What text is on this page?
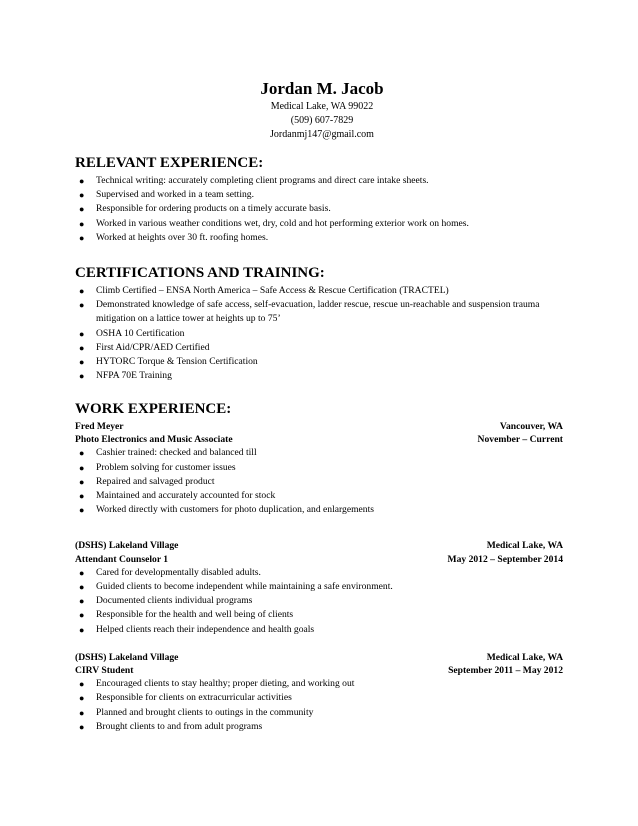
Jordan M. Jacob
Medical Lake, WA 99022
(509) 607-7829
Jordanmj147@gmail.com
RELEVANT EXPERIENCE:
● Technical writing: accurately completing client programs and direct care intake sheets.
● Supervised and worked in a team setting.
● Responsible for ordering products on a timely accurate basis.
● Worked in various weather conditions wet, dry, cold and hot performing exterior work on homes.
● Worked at heights over 30 ft. roofing homes.
CERTIFICATIONS AND TRAINING:
● Climb Certified – ENSA North America – Safe Access & Rescue Certification (TRACTEL)
● Demonstrated knowledge of safe access, self-evacuation, ladder rescue, rescue un-reachable and suspension trauma mitigation on a lattice tower at heights up to 75’
● OSHA 10 Certification
● First Aid/CPR/AED Certified
● HYTORC Torque & Tension Certification
● NFPA 70E Training
WORK EXPERIENCE:
Fred Meyer	Vancouver, WA
Photo Electronics and Music Associate	November – Current
● Cashier trained: checked and balanced till
● Problem solving for customer issues
● Repaired and salvaged product
● Maintained and accurately accounted for stock
● Worked directly with customers for photo duplication, and enlargements
(DSHS) Lakeland Village	Medical Lake, WA
Attendant Counselor 1	May 2012 – September 2014
● Cared for developmentally disabled adults.
● Guided clients to become independent while maintaining a safe environment.
● Documented clients individual programs
● Responsible for the health and well being of clients
● Helped clients reach their independence and health goals
(DSHS) Lakeland Village	Medical Lake, WA
CIRV Student	September 2011 – May 2012
● Encouraged clients to stay healthy; proper dieting, and working out
● Responsible for clients on extracurricular activities
● Planned and brought clients to outings in the community
● Brought clients to and from adult programs
